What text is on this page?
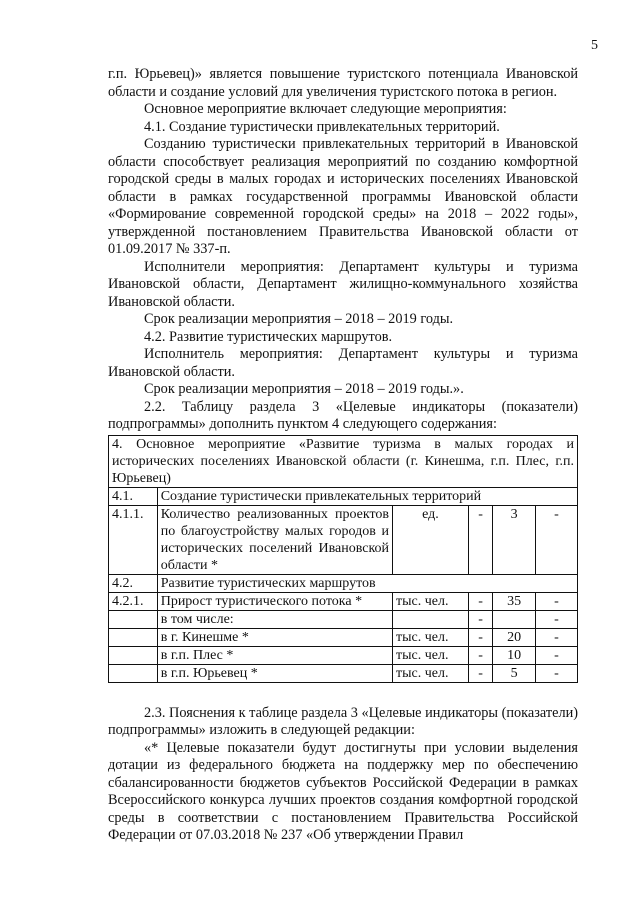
5

г.п. Юрьевец)» является повышение туристского потенциала Ивановской области и создание условий для увеличения туристского потока в регион.

Основное мероприятие включает следующие мероприятия:

4.1. Создание туристически привлекательных территорий.

Созданию туристически привлекательных территорий в Ивановской области способствует реализация мероприятий по созданию комфортной городской среды в малых городах и исторических поселениях Ивановской области в рамках государственной программы Ивановской области «Формирование современной городской среды» на 2018 – 2022 годы», утвержденной постановлением Правительства Ивановской области от 01.09.2017 № 337-п.

Исполнители мероприятия: Департамент культуры и туризма Ивановской области, Департамент жилищно-коммунального хозяйства Ивановской области.

Срок реализации мероприятия – 2018 – 2019 годы.

4.2. Развитие туристических маршрутов.

Исполнитель мероприятия: Департамент культуры и туризма Ивановской области.

Срок реализации мероприятия – 2018 – 2019 годы.».

2.2. Таблицу раздела 3 «Целевые индикаторы (показатели) подпрограммы» дополнить пунктом 4 следующего содержания:

4. Основное мероприятие «Развитие туризма в малых городах и исторических поселениях Ивановской области (г. Кинешма, г.п. Плес, г.п. Юрьевец)					
4.1.	Создание туристически привлекательных территорий				
4.1.1.	Количество реализованных проектов по благоустройству малых городов и исторических поселений Ивановской области *	ед.	-	3	-
4.2.	Развитие туристических маршрутов				
4.2.1.	Прирост туристического потока *	тыс. чел.	-	35	-
	в том числе:		-		-
	в г. Кинешме *	тыс. чел.	-	20	-
	в г.п. Плес *	тыс. чел.	-	10	-
	в г.п. Юрьевец *	тыс. чел.	-	5	-

2.3. Пояснения к таблице раздела 3 «Целевые индикаторы (показатели) подпрограммы» изложить в следующей редакции:

«* Целевые показатели будут достигнуты при условии выделения дотации из федерального бюджета на поддержку мер по обеспечению сбалансированности бюджетов субъектов Российской Федерации в рамках Всероссийского конкурса лучших проектов создания комфортной городской среды в соответствии с постановлением Правительства Российской Федерации от 07.03.2018 № 237 «Об утверждении Правил
